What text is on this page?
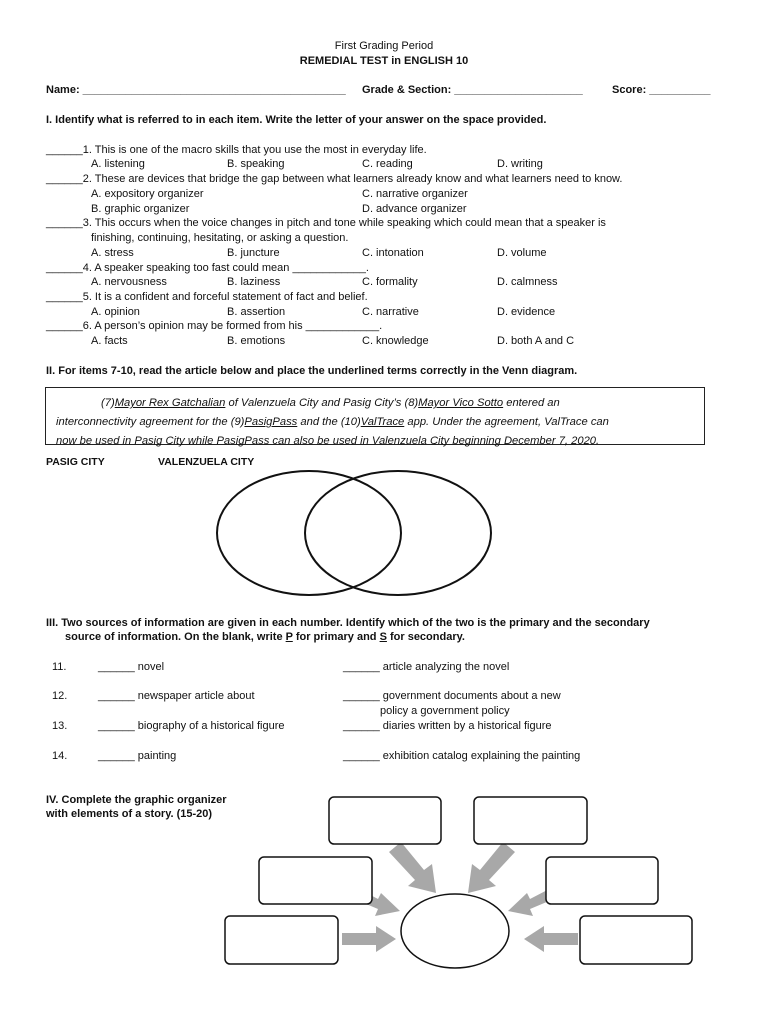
First Grading Period
REMEDIAL TEST in ENGLISH 10
Name: ___________________________________________ Grade & Section: _____________________	Score: __________
I. Identify what is referred to in each item. Write the letter of your answer on the space provided.
______1. This is one of the macro skills that you use the most in everyday life.
A. listening	B. speaking	C. reading	D. writing
______2. These are devices that bridge the gap between what learners already know and what learners need to know.
A. expository organizer	C. narrative organizer
B. graphic organizer	D. advance organizer
______3. This occurs when the voice changes in pitch and tone while speaking which could mean that a speaker is
finishing, continuing, hesitating, or asking a question.
A. stress	B. juncture	C. intonation	D. volume
______4. A speaker speaking too fast could mean ____________.
A. nervousness	B. laziness	C. formality	D. calmness
______5. It is a confident and forceful statement of fact and belief.
A. opinion	B. assertion	C. narrative	D. evidence
______6. A person’s opinion may be formed from his ____________.
A. facts	B. emotions	C. knowledge	D. both A and C
II. For items 7-10, read the article below and place the underlined terms correctly in the Venn diagram.

(7)Mayor Rex Gatchalian of Valenzuela City and Pasig City’s (8)Mayor Vico Sotto entered an
interconnectivity agreement for the (9)PasigPass and the (10)ValTrace app. Under the agreement, ValTrace can
now be used in Pasig City while PasigPass can also be used in Valenzuela City beginning December 7, 2020.

PASIG CITY	VALENZUELA CITY
III. Two sources of information are given in each number. Identify which of the two is the primary and the secondary
source of information. On the blank, write P for primary and S for secondary.
11.	______ novel	______ article analyzing the novel
12.	______ newspaper article about	______ government documents about a new
policy a government policy
13.	______ biography of a historical figure	______ diaries written by a historical figure
14.	______ painting	______ exhibition catalog explaining the painting
IV. Complete the graphic organizer
with elements of a story. (15-20)
